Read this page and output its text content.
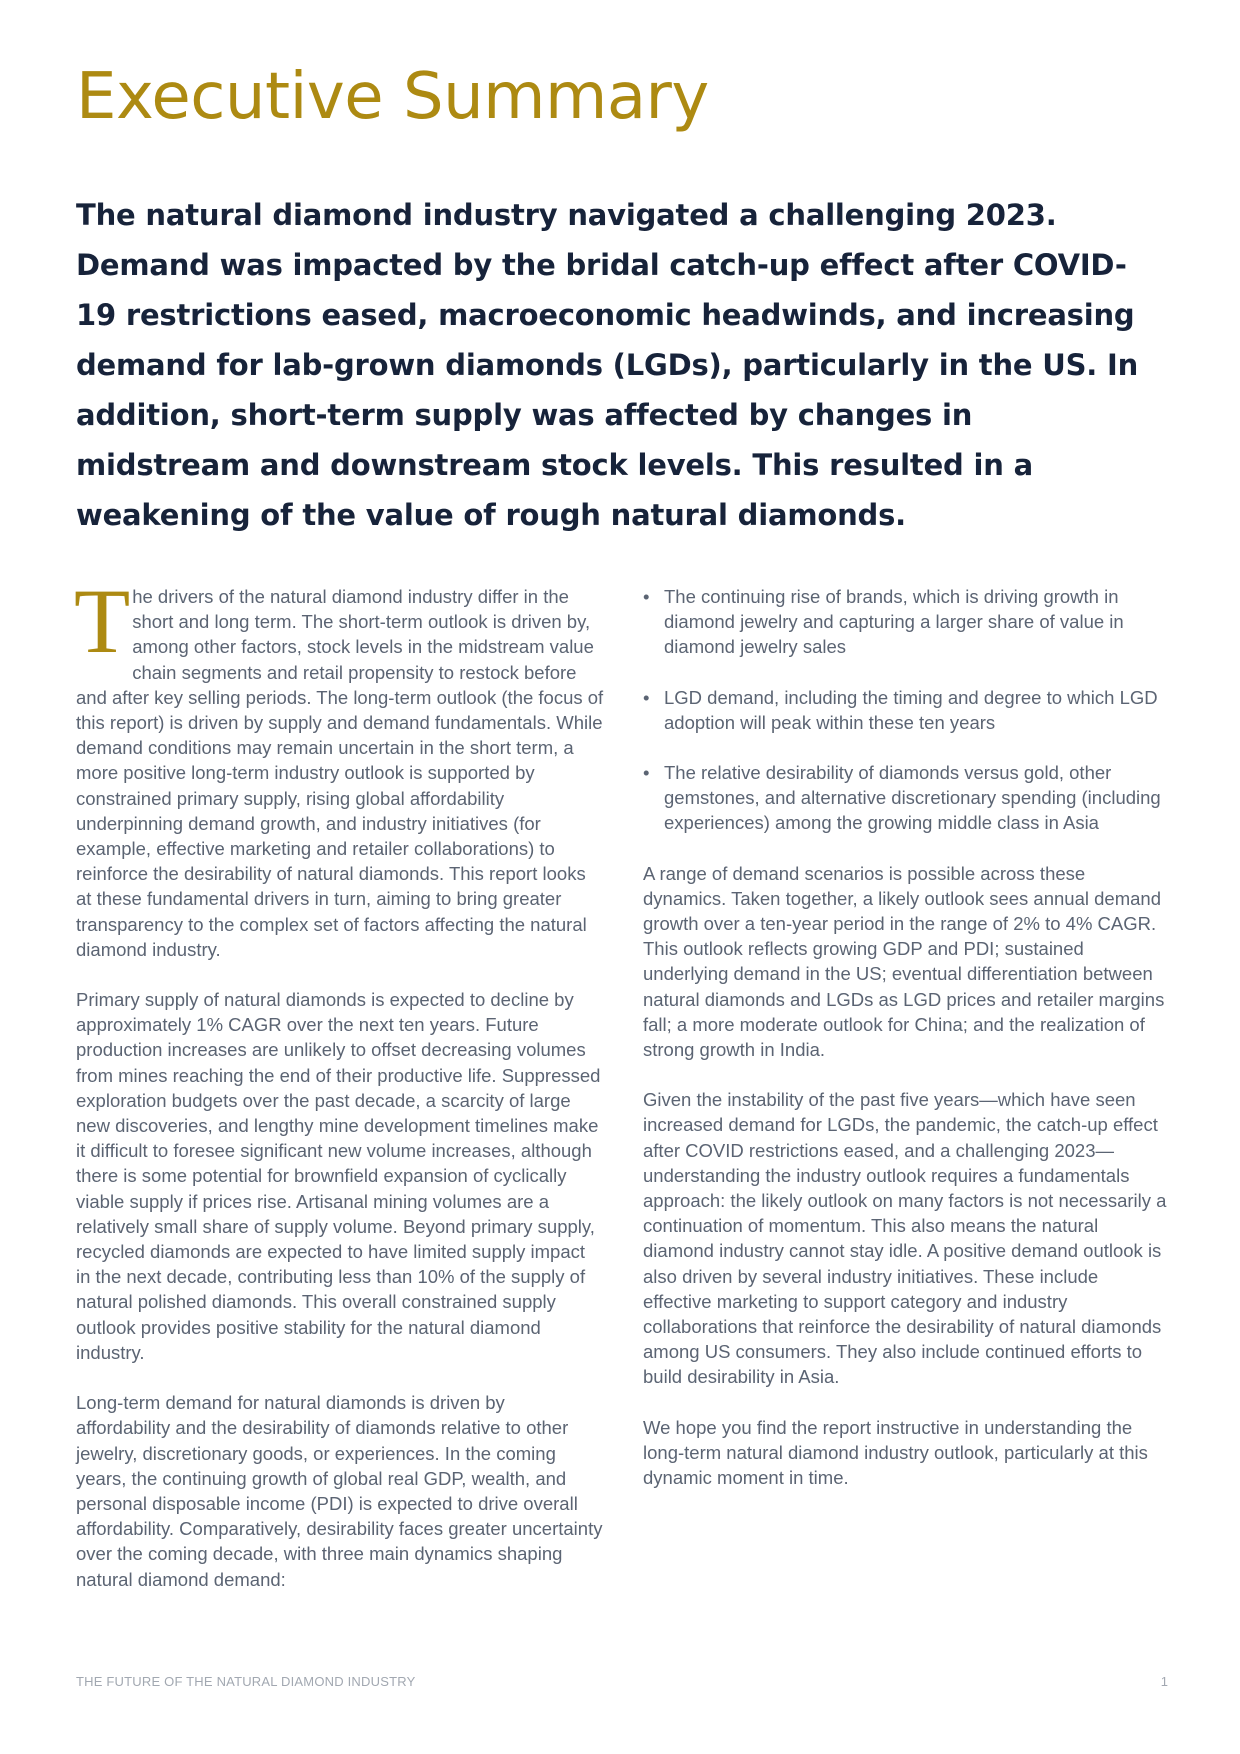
Executive Summary

The natural diamond industry navigated a challenging 2023. Demand was impacted by the bridal catch-up effect after COVID-19 restrictions eased, macroeconomic headwinds, and increasing demand for lab-grown diamonds (LGDs), particularly in the US. In addition, short-term supply was affected by changes in midstream and downstream stock levels. This resulted in a weakening of the value of rough natural diamonds.

The drivers of the natural diamond industry differ in the short and long term. The short-term outlook is driven by, among other factors, stock levels in the midstream value chain segments and retail propensity to restock before and after key selling periods. The long-term outlook (the focus of this report) is driven by supply and demand fundamentals. While demand conditions may remain uncertain in the short term, a more positive long-term industry outlook is supported by constrained primary supply, rising global affordability underpinning demand growth, and industry initiatives (for example, effective marketing and retailer collaborations) to reinforce the desirability of natural diamonds. This report looks at these fundamental drivers in turn, aiming to bring greater transparency to the complex set of factors affecting the natural diamond industry.

Primary supply of natural diamonds is expected to decline by approximately 1% CAGR over the next ten years. Future production increases are unlikely to offset decreasing volumes from mines reaching the end of their productive life. Suppressed exploration budgets over the past decade, a scarcity of large new discoveries, and lengthy mine development timelines make it difficult to foresee significant new volume increases, although there is some potential for brownfield expansion of cyclically viable supply if prices rise. Artisanal mining volumes are a relatively small share of supply volume. Beyond primary supply, recycled diamonds are expected to have limited supply impact in the next decade, contributing less than 10% of the supply of natural polished diamonds. This overall constrained supply outlook provides positive stability for the natural diamond industry.

Long-term demand for natural diamonds is driven by affordability and the desirability of diamonds relative to other jewelry, discretionary goods, or experiences. In the coming years, the continuing growth of global real GDP, wealth, and personal disposable income (PDI) is expected to drive overall affordability. Comparatively, desirability faces greater uncertainty over the coming decade, with three main dynamics shaping natural diamond demand:

• The continuing rise of brands, which is driving growth in diamond jewelry and capturing a larger share of value in diamond jewelry sales
• LGD demand, including the timing and degree to which LGD adoption will peak within these ten years
• The relative desirability of diamonds versus gold, other gemstones, and alternative discretionary spending (including experiences) among the growing middle class in Asia

A range of demand scenarios is possible across these dynamics. Taken together, a likely outlook sees annual demand growth over a ten-year period in the range of 2% to 4% CAGR. This outlook reflects growing GDP and PDI; sustained underlying demand in the US; eventual differentiation between natural diamonds and LGDs as LGD prices and retailer margins fall; a more moderate outlook for China; and the realization of strong growth in India.

Given the instability of the past five years—which have seen increased demand for LGDs, the pandemic, the catch-up effect after COVID restrictions eased, and a challenging 2023—understanding the industry outlook requires a fundamentals approach: the likely outlook on many factors is not necessarily a continuation of momentum. This also means the natural diamond industry cannot stay idle. A positive demand outlook is also driven by several industry initiatives. These include effective marketing to support category and industry collaborations that reinforce the desirability of natural diamonds among US consumers. They also include continued efforts to build desirability in Asia.

We hope you find the report instructive in understanding the long-term natural diamond industry outlook, particularly at this dynamic moment in time.

THE FUTURE OF THE NATURAL DIAMOND INDUSTRY	1
